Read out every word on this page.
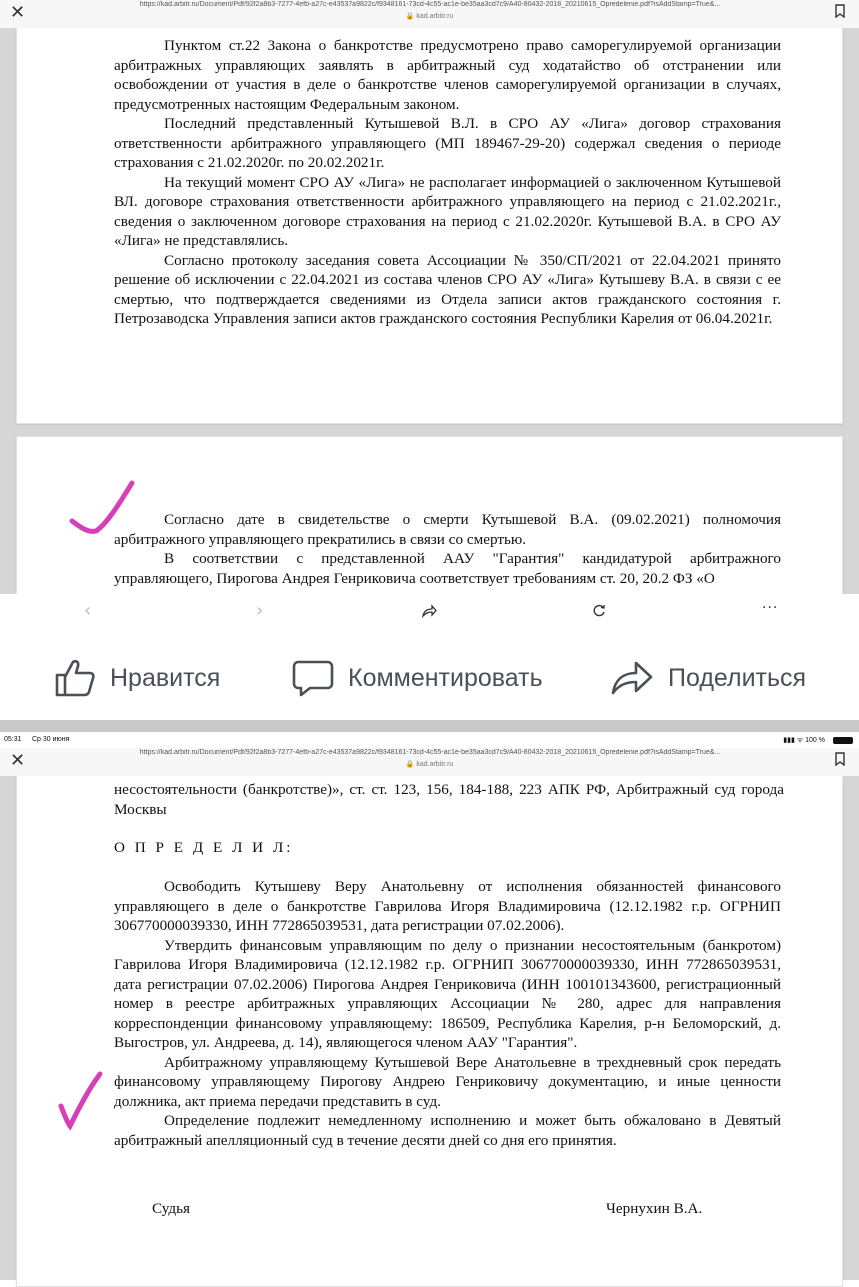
✕	https://kad.arbitr.ru/Document/Pdf/92f2a8b3-7277-4efb-a27c-e43537a9822c/f9348161-73cd-4c55-ac1e-be35aa3cd7c9/A40-80432-2018_20210615_Opredelenie.pdf?isAddStamp=True&...
🔒 kad.arbitr.ru

Пунктом ст.22 Закона о банкротстве предусмотрено право саморегулируемой организации арбитражных управляющих заявлять в арбитражный суд ходатайство об отстранении или освобождении от участия в деле о банкротстве членов саморегулируемой организации в случаях, предусмотренных настоящим Федеральным законом.

Последний представленный Кутышевой В.Л. в СРО АУ «Лига» договор страхования ответственности арбитражного управляющего (МП 189467-29-20) содержал сведения о периоде страхования с 21.02.2020г. по 20.02.2021г.

На текущий момент СРО АУ «Лига» не располагает информацией о заключенном Кутышевой ВЛ. договоре страхования ответственности арбитражного управляющего на период с 21.02.2021г., сведения о заключенном договоре страхования на период с 21.02.2020г. Кутышевой В.А. в СРО АУ «Лига» не представлялись.

Согласно протоколу заседания совета Ассоциации № 350/СП/2021 от 22.04.2021 принято решение об исключении с 22.04.2021 из состава членов СРО АУ «Лига» Кутышеву В.А. в связи с ее смертью, что подтверждается сведениями из Отдела записи актов гражданского состояния г. Петрозаводска Управления записи актов гражданского состояния Республики Карелия от 06.04.2021г.

Согласно дате в свидетельстве о смерти Кутышевой В.А. (09.02.2021) полномочия арбитражного управляющего прекратились в связи со смертью.

В соответствии с представленной ААУ "Гарантия" кандидатурой арбитражного управляющего, Пирогова Андрея Генриковича соответствует требованиям ст. 20, 20.2 ФЗ «О

‹	›	···
Нравится	Комментировать	Поделиться
05:31 Ср 30 июня	▮▮▮ ᯤ 100 %
✕	https://kad.arbitr.ru/Document/Pdf/92f2a8b3-7277-4efb-a27c-e43537a9822c/f9348161-73cd-4c55-ac1e-be35aa3cd7c9/A40-80432-2018_20210615_Opredelenie.pdf?isAddStamp=True&...
🔒 kad.arbitr.ru

несостоятельности (банкротстве)», ст. ст. 123, 156, 184-188, 223 АПК РФ, Арбитражный суд города Москвы

О П Р Е Д Е Л И Л:

Освободить Кутышеву Веру Анатольевну от исполнения обязанностей финансового управляющего в деле о банкротстве Гаврилова Игоря Владимировича (12.12.1982 г.р. ОГРНИП 306770000039330, ИНН 772865039531, дата регистрации 07.02.2006).

Утвердить финансовым управляющим по делу о признании несостоятельным (банкротом) Гаврилова Игоря Владимировича (12.12.1982 г.р. ОГРНИП 306770000039330, ИНН 772865039531, дата регистрации 07.02.2006) Пирогова Андрея Генриковича (ИНН 100101343600, регистрационный номер в реестре арбитражных управляющих Ассоциации № 280, адрес для направления корреспонденции финансовому управляющему: 186509, Республика Карелия, р-н Беломорский, д. Выгостров, ул. Андреева, д. 14), являющегося членом ААУ "Гарантия".

Арбитражному управляющему Кутышевой Вере Анатольевне в трехдневный срок передать финансовому управляющему Пирогову Андрею Генриковичу документацию, и иные ценности должника, акт приема передачи представить в суд.

Определение подлежит немедленному исполнению и может быть обжаловано в Девятый арбитражный апелляционный суд в течение десяти дней со дня его принятия.

Судья	Чернухин В.А.
